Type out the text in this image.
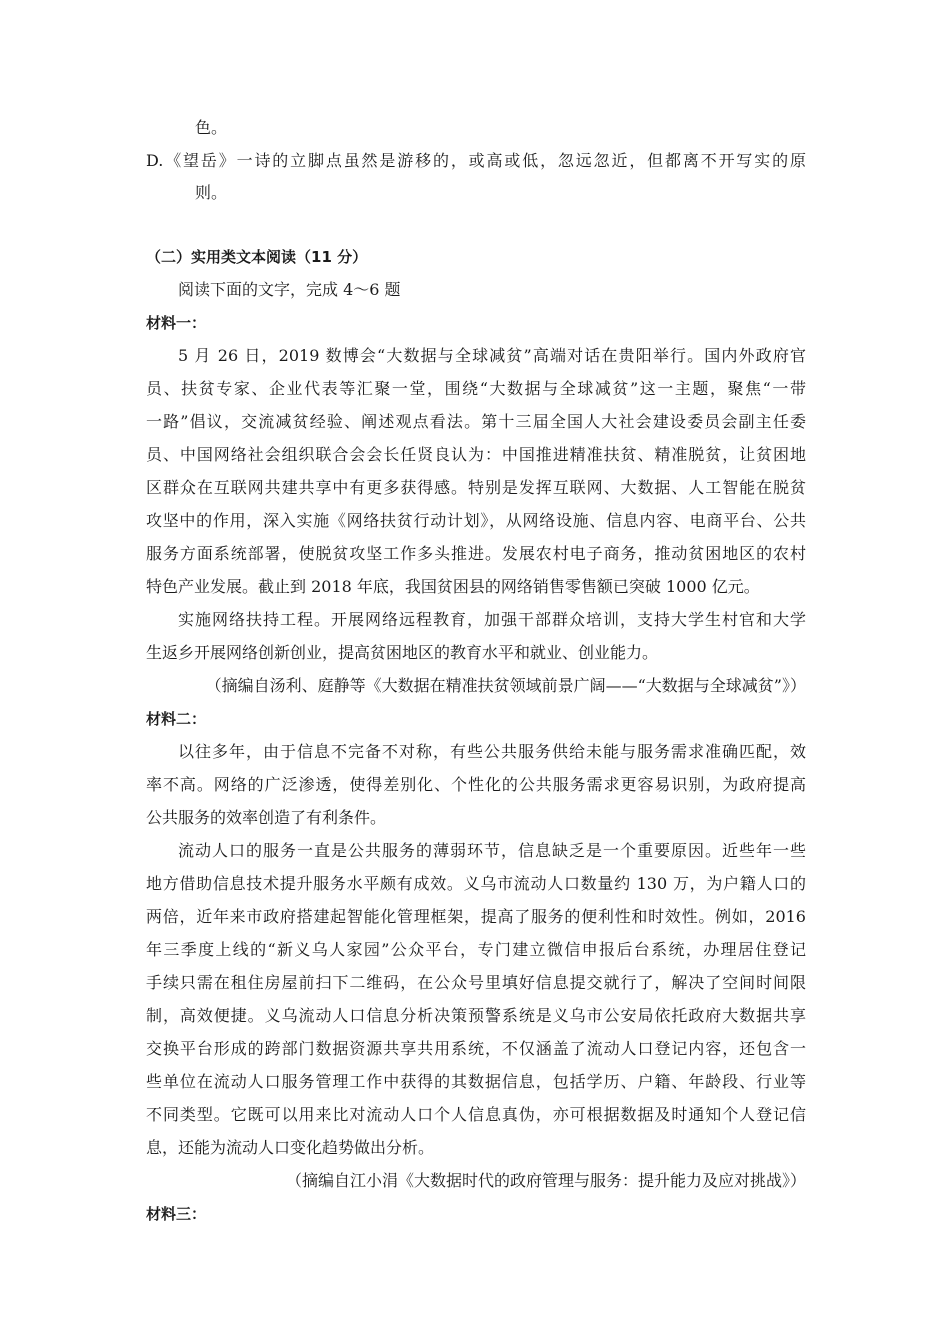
色。
D.《望岳》一诗的立脚点虽然是游移的，或高或低，忽远忽近，但都离不开写实的原
则。
（二）实用类文本阅读（11 分）
阅读下面的文字，完成 4～6 题
材料一：
5 月 26 日，2019 数博会“大数据与全球减贫”高端对话在贵阳举行。国内外政府官
员、扶贫专家、企业代表等汇聚一堂，围绕“大数据与全球减贫”这一主题，聚焦“一带
一路”倡议，交流减贫经验、阐述观点看法。第十三届全国人大社会建设委员会副主任委
员、中国网络社会组织联合会会长任贤良认为：中国推进精准扶贫、精准脱贫，让贫困地
区群众在互联网共建共享中有更多获得感。特别是发挥互联网、大数据、人工智能在脱贫
攻坚中的作用，深入实施《网络扶贫行动计划》，从网络设施、信息内容、电商平台、公共
服务方面系统部署，使脱贫攻坚工作多头推进。发展农村电子商务，推动贫困地区的农村
特色产业发展。截止到 2018 年底，我国贫困县的网络销售零售额已突破 1000 亿元。
实施网络扶持工程。开展网络远程教育，加强干部群众培训，支持大学生村官和大学
生返乡开展网络创新创业，提高贫困地区的教育水平和就业、创业能力。
（摘编自汤利、庭静等《大数据在精准扶贫领域前景广阔——“大数据与全球减贫”》）
材料二：
以往多年，由于信息不完备不对称，有些公共服务供给未能与服务需求准确匹配，效
率不高。网络的广泛渗透，使得差别化、个性化的公共服务需求更容易识别，为政府提高
公共服务的效率创造了有利条件。
流动人口的服务一直是公共服务的薄弱环节，信息缺乏是一个重要原因。近些年一些
地方借助信息技术提升服务水平颇有成效。义乌市流动人口数量约 130 万，为户籍人口的
两倍，近年来市政府搭建起智能化管理框架，提高了服务的便利性和时效性。例如，2016
年三季度上线的“新义乌人家园”公众平台，专门建立微信申报后台系统，办理居住登记
手续只需在租住房屋前扫下二维码，在公众号里填好信息提交就行了，解决了空间时间限
制，高效便捷。义乌流动人口信息分析决策预警系统是义乌市公安局依托政府大数据共享
交换平台形成的跨部门数据资源共享共用系统，不仅涵盖了流动人口登记内容，还包含一
些单位在流动人口服务管理工作中获得的其数据信息，包括学历、户籍、年龄段、行业等
不同类型。它既可以用来比对流动人口个人信息真伪，亦可根据数据及时通知个人登记信
息，还能为流动人口变化趋势做出分析。
（摘编自江小涓《大数据时代的政府管理与服务：提升能力及应对挑战》）
材料三：
